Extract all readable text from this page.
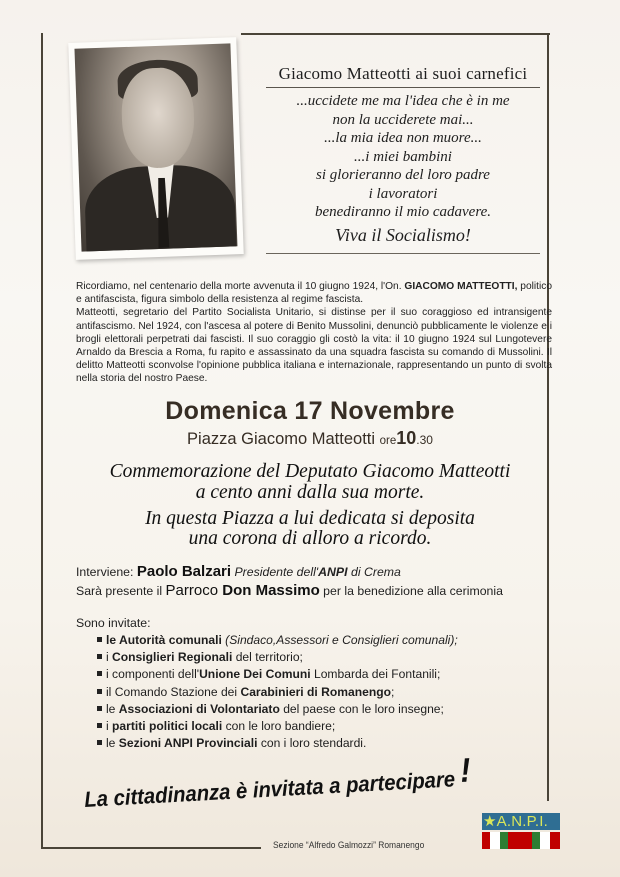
Giacomo Matteotti ai suoi carnefici
...uccidete me ma l'idea che è in me
non la ucciderete mai...
...la mia idea non muore...
...i miei bambini
si glorieranno del loro padre
i lavoratori
benediranno il mio cadavere.
Viva il Socialismo!
Ricordiamo, nel centenario della morte avvenuta il 10 giugno 1924, l'On. GIACOMO MATTEOTTI, politico e antifascista, figura simbolo della resistenza al regime fascista.
Matteotti, segretario del Partito Socialista Unitario, si distinse per il suo coraggioso ed intransigente antifascismo. Nel 1924, con l'ascesa al potere di Benito Mussolini, denunciò pubblicamente le violenze e i brogli elettorali perpetrati dai fascisti. Il suo coraggio gli costò la vita: il 10 giugno 1924 sul Lungotevere Arnaldo da Brescia a Roma, fu rapito e assassinato da una squadra fascista su comando di Mussolini. Il delitto Matteotti sconvolse l'opinione pubblica italiana e internazionale, rappresentando un punto di svolta nella storia del nostro Paese.
Domenica 17 Novembre
Piazza Giacomo Matteotti ore10.30
Commemorazione del Deputato Giacomo Matteotti
a cento anni dalla sua morte.
In questa Piazza a lui dedicata si deposita
una corona di alloro a ricordo.
Interviene: Paolo Balzari Presidente dell'ANPI di Crema
Sarà presente il Parroco Don Massimo per la benedizione alla cerimonia
Sono invitate:
le Autorità comunali (Sindaco,Assessori e Consiglieri comunali);
i Consiglieri Regionali del territorio;
i componenti dell'Unione Dei Comuni Lombarda dei Fontanili;
il Comando Stazione dei Carabinieri di Romanengo;
le Associazioni di Volontariato del paese con le loro insegne;
i partiti politici locali con le loro bandiere;
le Sezioni ANPI Provinciali con i loro stendardi.
La cittadinanza è invitata a partecipare!
Sezione “Alfredo Galmozzi” Romanengo
★A.N.P.I.
